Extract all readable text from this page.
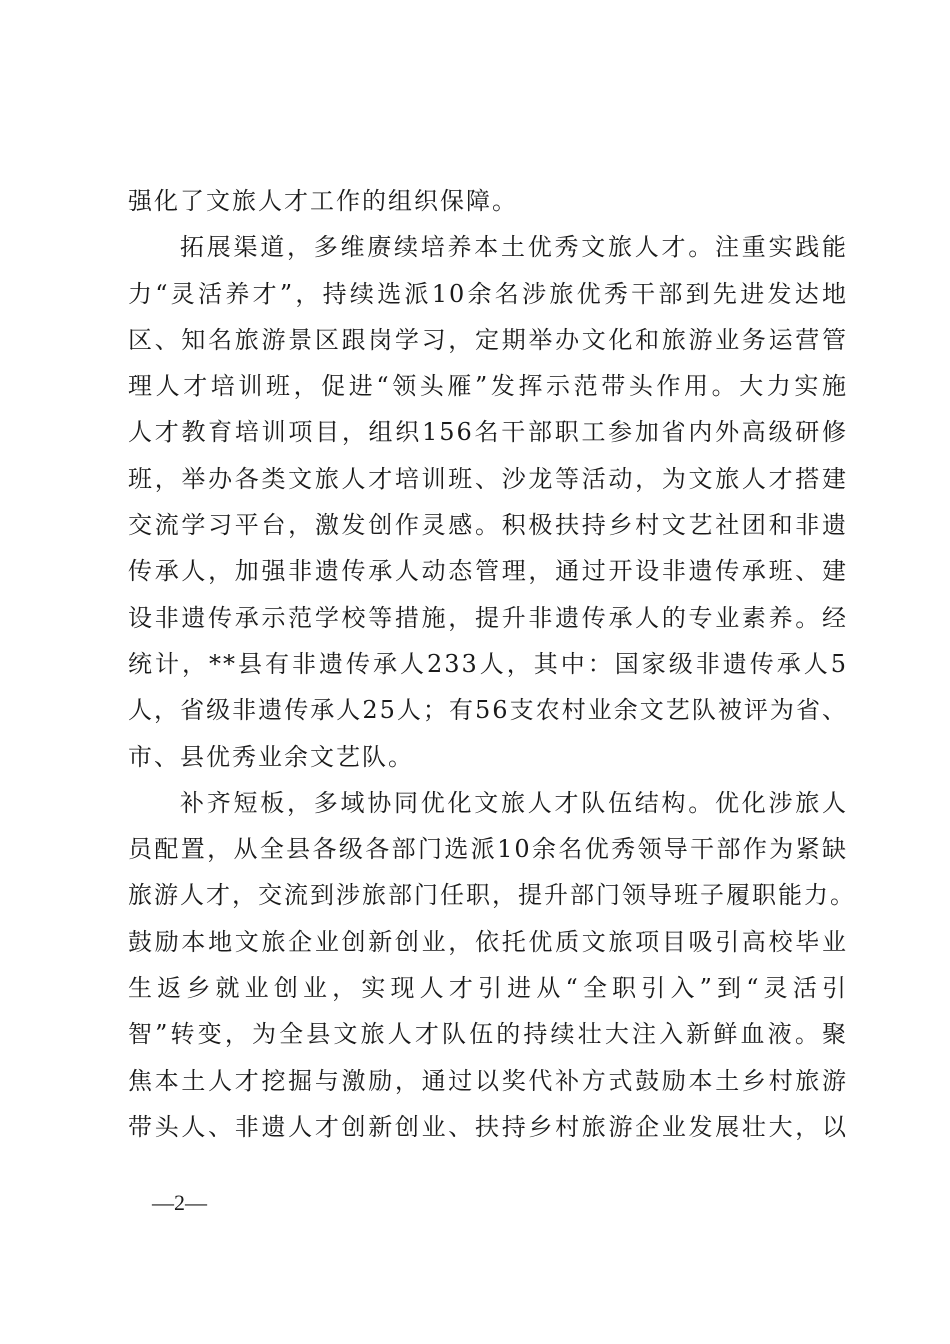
强化了文旅人才工作的组织保障。
拓展渠道，多维赓续培养本土优秀文旅人才。注重实践能
力“灵活养才”，持续选派10余名涉旅优秀干部到先进发达地
区、知名旅游景区跟岗学习，定期举办文化和旅游业务运营管
理人才培训班，促进“领头雁”发挥示范带头作用。大力实施
人才教育培训项目，组织156名干部职工参加省内外高级研修
班，举办各类文旅人才培训班、沙龙等活动，为文旅人才搭建
交流学习平台，激发创作灵感。积极扶持乡村文艺社团和非遗
传承人，加强非遗传承人动态管理，通过开设非遗传承班、建
设非遗传承示范学校等措施，提升非遗传承人的专业素养。经
统计，**县有非遗传承人233人，其中：国家级非遗传承人5
人，省级非遗传承人25人；有56支农村业余文艺队被评为省、
市、县优秀业余文艺队。
补齐短板，多域协同优化文旅人才队伍结构。优化涉旅人
员配置，从全县各级各部门选派10余名优秀领导干部作为紧缺
旅游人才，交流到涉旅部门任职，提升部门领导班子履职能力。
鼓励本地文旅企业创新创业，依托优质文旅项目吸引高校毕业
生返乡就业创业，实现人才引进从“全职引入”到“灵活引
智”转变，为全县文旅人才队伍的持续壮大注入新鲜血液。聚
焦本土人才挖掘与激励，通过以奖代补方式鼓励本土乡村旅游
带头人、非遗人才创新创业、扶持乡村旅游企业发展壮大，以
—2—
